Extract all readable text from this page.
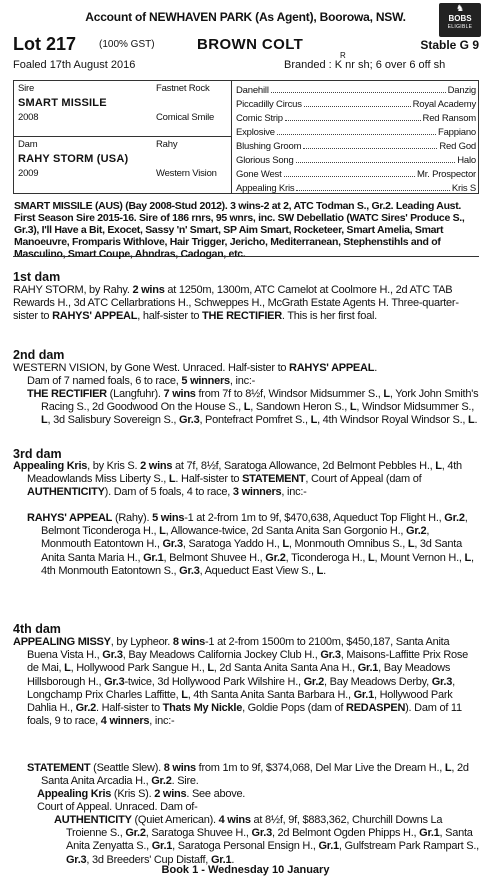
Account of NEWHAVEN PARK (As Agent), Boorowa, NSW.
♞
BOBS
ELIGIBLE
Lot 217 (100% GST)	BROWN COLT	Stable G 9
Foaled 17th August 2016
R
Branded : K nr sh; 6 over 6 off sh
Sire	Fastnet Rock
SMART MISSILE
2008	Comical Smile
Dam	Rahy
RAHY STORM (USA)
2009	Western Vision
Danehill	Danzig
Piccadilly Circus	Royal Academy
Comic Strip	Red Ransom
Explosive	Fappiano
Blushing Groom	Red God
Glorious Song	Halo
Gone West	Mr. Prospector
Appealing Kris	Kris S
SMART MISSILE (AUS) (Bay 2008-Stud 2012). 3 wins-2 at 2, ATC Todman S., Gr.2. Leading Aust. First Season Sire 2015-16. Sire of 186 rnrs, 95 wnrs, inc. SW Debellatio (WATC Sires' Produce S., Gr.3), I'll Have a Bit, Exocet, Sassy 'n' Smart, SP Aim Smart, Rocketeer, Smart Amelia, Smart Manoeuvre, Fromparis Withlove, Hair Trigger, Jericho, Mediterranean, Stephenstihls and of Masculino, Smart Coupe, Ahndras, Cadogan, etc.
1st dam
RAHY STORM, by Rahy. 2 wins at 1250m, 1300m, ATC Camelot at Coolmore H., 2d ATC TAB Rewards H., 3d ATC Cellarbrations H., Schweppes H., McGrath Estate Agents H. Three-quarter-sister to RAHYS' APPEAL, half-sister to THE RECTIFIER. This is her first foal.
2nd dam
WESTERN VISION, by Gone West. Unraced. Half-sister to RAHYS' APPEAL.
Dam of 7 named foals, 6 to race, 5 winners, inc:-
THE RECTIFIER (Langfuhr). 7 wins from 7f to 8½f, Windsor Midsummer S., L, York John Smith's Racing S., 2d Goodwood On the House S., L, Sandown Heron S., L, Windsor Midsummer S., L, 3d Salisbury Sovereign S., Gr.3, Pontefract Pomfret S., L, 4th Windsor Royal Windsor S., L.
3rd dam
Appealing Kris, by Kris S. 2 wins at 7f, 8½f, Saratoga Allowance, 2d Belmont Pebbles H., L, 4th Meadowlands Miss Liberty S., L. Half-sister to STATEMENT, Court of Appeal (dam of AUTHENTICITY). Dam of 5 foals, 4 to race, 3 winners, inc:-
RAHYS' APPEAL (Rahy). 5 wins-1 at 2-from 1m to 9f, $470,638, Aqueduct Top Flight H., Gr.2, Belmont Ticonderoga H., L, Allowance-twice, 2d Santa Anita San Gorgonio H., Gr.2, Monmouth Eatontown H., Gr.3, Saratoga Yaddo H., L, Monmouth Omnibus S., L, 3d Santa Anita Santa Maria H., Gr.1, Belmont Shuvee H., Gr.2, Ticonderoga H., L, Mount Vernon H., L, 4th Monmouth Eatontown S., Gr.3, Aqueduct East View S., L.
4th dam
APPEALING MISSY, by Lypheor. 8 wins-1 at 2-from 1500m to 2100m, $450,187, Santa Anita Buena Vista H., Gr.3, Bay Meadows California Jockey Club H., Gr.3, Maisons-Laffitte Prix Rose de Mai, L, Hollywood Park Sangue H., L, 2d Santa Anita Santa Ana H., Gr.1, Bay Meadows Hillsborough H., Gr.3-twice, 3d Hollywood Park Wilshire H., Gr.2, Bay Meadows Derby, Gr.3, Longchamp Prix Charles Laffitte, L, 4th Santa Anita Santa Barbara H., Gr.1, Hollywood Park Dahlia H., Gr.2. Half-sister to Thats My Nickle, Goldie Pops (dam of REDASPEN). Dam of 11 foals, 9 to race, 4 winners, inc:-
STATEMENT (Seattle Slew). 8 wins from 1m to 9f, $374,068, Del Mar Live the Dream H., L, 2d Santa Anita Arcadia H., Gr.2. Sire.
Appealing Kris (Kris S). 2 wins. See above.
Court of Appeal. Unraced. Dam of-
AUTHENTICITY (Quiet American). 4 wins at 8½f, 9f, $883,362, Churchill Downs La Troienne S., Gr.2, Saratoga Shuvee H., Gr.3, 2d Belmont Ogden Phipps H., Gr.1, Santa Anita Zenyatta S., Gr.1, Saratoga Personal Ensign H., Gr.1, Gulfstream Park Rampart S., Gr.3, 3d Breeders' Cup Distaff, Gr.1.
Book 1 - Wednesday 10 January
